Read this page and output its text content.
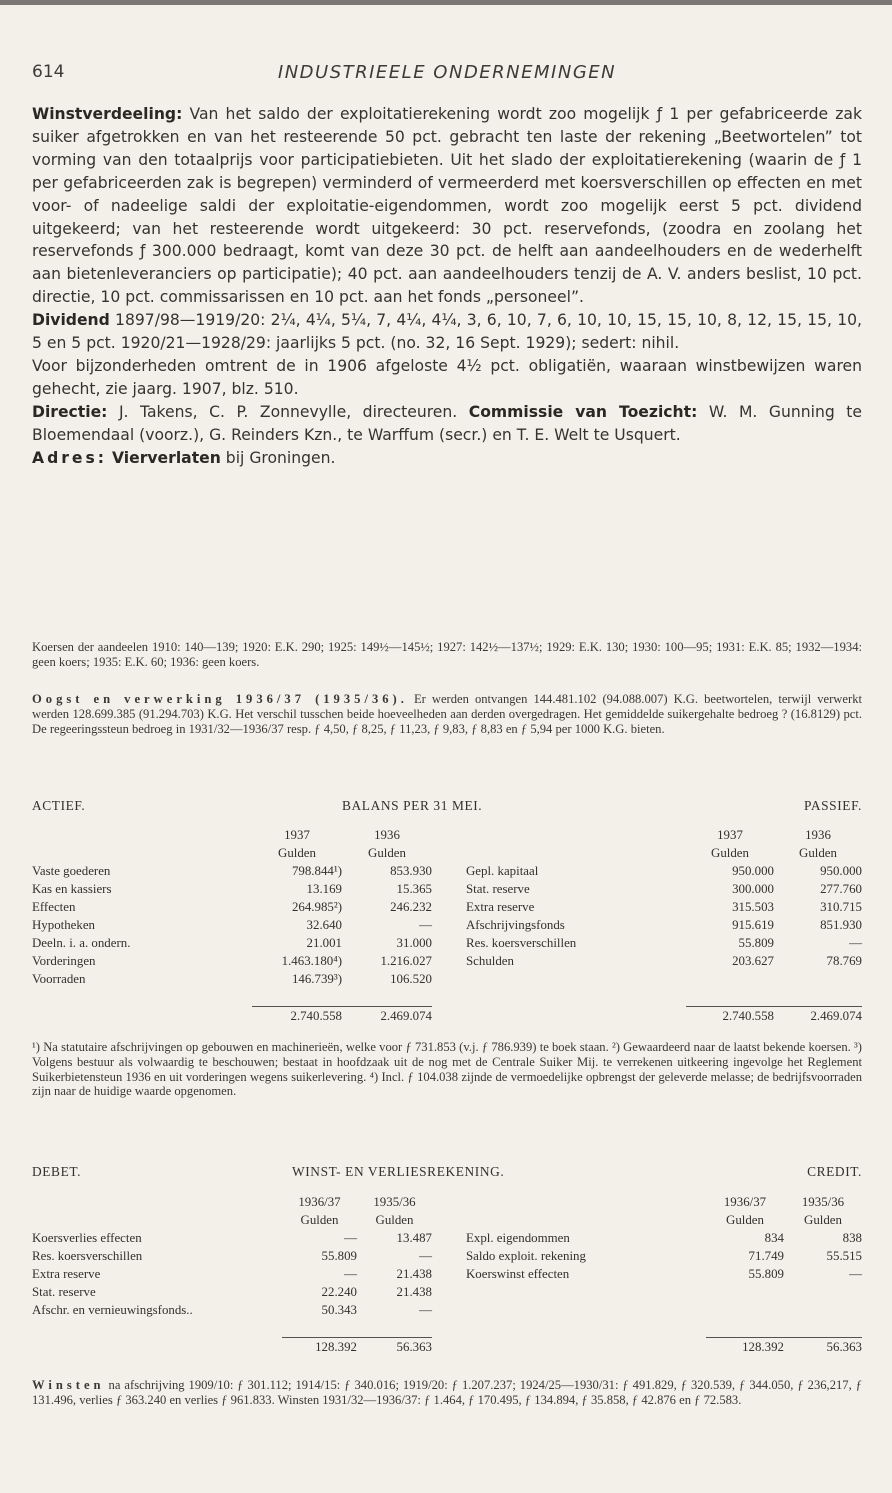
614	INDUSTRIEELE ONDERNEMINGEN

Winstverdeeling: Van het saldo der exploitatierekening wordt zoo mogelijk ƒ 1 per gefabriceerde zak suiker afgetrokken en van het resteerende 50 pct. gebracht ten laste der rekening „Beetwortelen” tot vorming van den totaalprijs voor participatiebieten. Uit het slado der exploitatierekening (waarin de ƒ 1 per gefabriceerden zak is begrepen) verminderd of vermeerderd met koersverschillen op effecten en met voor- of nadeelige saldi der exploitatie-eigendommen, wordt zoo mogelijk eerst 5 pct. dividend uitgekeerd; van het resteerende wordt uitgekeerd: 30 pct. reservefonds, (zoodra en zoolang het reservefonds ƒ 300.000 bedraagt, komt van deze 30 pct. de helft aan aandeelhouders en de wederhelft aan bietenleveranciers op participatie); 40 pct. aan aandeelhouders tenzij de A. V. anders beslist, 10 pct. directie, 10 pct. commissarissen en 10 pct. aan het fonds „personeel”.

Dividend 1897/98—1919/20: 2¼, 4¼, 5¼, 7, 4¼, 4¼, 3, 6, 10, 7, 6, 10, 10, 15, 15, 10, 8, 12, 15, 15, 10, 5 en 5 pct. 1920/21—1928/29: jaarlijks 5 pct. (no. 32, 16 Sept. 1929); sedert: nihil.

Voor bijzonderheden omtrent de in 1906 afgeloste 4½ pct. obligatiën, waaraan winstbewijzen waren gehecht, zie jaarg. 1907, blz. 510.

Directie: J. Takens, C. P. Zonnevylle, directeuren. Commissie van Toezicht: W. M. Gunning te Bloemendaal (voorz.), G. Reinders Kzn., te Warffum (secr.) en T. E. Welt te Usquert.

Adres: Vierverlaten bij Groningen.

Koersen der aandeelen 1910: 140—139; 1920: E.K. 290; 1925: 149½—145½; 1927: 142½—137½; 1929: E.K. 130; 1930: 100—95; 1931: E.K. 85; 1932—1934: geen koers; 1935: E.K. 60; 1936: geen koers.

Oogst en verwerking 1936/37 (1935/36). Er werden ontvangen 144.481.102 (94.088.007) K.G. beetwortelen, terwijl verwerkt werden 128.699.385 (91.294.703) K.G. Het verschil tusschen beide hoeveelheden aan derden overgedragen. Het gemiddelde suikergehalte bedroeg ? (16.8129) pct. De regeeringssteun bedroeg in 1931/32—1936/37 resp. ƒ 4,50, ƒ 8,25, ƒ 11,23, ƒ 9,83, ƒ 8,83 en ƒ 5,94 per 1000 K.G. bieten.

ACTIEF.	BALANS PER 31 MEI.	PASSIEF.
	1937	1936
	Gulden	Gulden
Vaste goederen	798.844¹)	853.930
Kas en kassiers	13.169	15.365
Effecten	264.985²)	246.232
Hypotheken	32.640	—
Deeln. i. a. ondern.	21.001	31.000
Vorderingen	1.463.180⁴)	1.216.027
Voorraden	146.739³)	106.520

	2.740.558	2.469.074
	1937	1936
	Gulden	Gulden
Gepl. kapitaal	950.000	950.000
Stat. reserve	300.000	277.760
Extra reserve	315.503	310.715
Afschrijvingsfonds	915.619	851.930
Res. koersverschillen	55.809	—
Schulden	203.627	78.769

	2.740.558	2.469.074

¹) Na statutaire afschrijvingen op gebouwen en machinerieën, welke voor ƒ 731.853 (v.j. ƒ 786.939) te boek staan. ²) Gewaardeerd naar de laatst bekende koersen. ³) Volgens bestuur als volwaardig te beschouwen; bestaat in hoofdzaak uit de nog met de Centrale Suiker Mij. te verrekenen uitkeering ingevolge het Reglement Suikerbietensteun 1936 en uit vorderingen wegens suikerlevering. ⁴) Incl. ƒ 104.038 zijnde de vermoedelijke opbrengst der geleverde melasse; de bedrijfsvoorraden zijn naar de huidige waarde opgenomen.

DEBET.	WINST- EN VERLIESREKENING.	CREDIT.
	1936/37	1935/36
	Gulden	Gulden
Koersverlies effecten	—	13.487
Res. koersverschillen	55.809	—
Extra reserve	—	21.438
Stat. reserve	22.240	21.438
Afschr. en vernieuwingsfonds..	50.343	—

	128.392	56.363
	1936/37	1935/36
	Gulden	Gulden
Expl. eigendommen	834	838
Saldo exploit. rekening	71.749	55.515
Koerswinst effecten	55.809	—

	128.392	56.363

Winsten na afschrijving 1909/10: ƒ 301.112; 1914/15: ƒ 340.016; 1919/20: ƒ 1.207.237; 1924/25—1930/31: ƒ 491.829, ƒ 320.539, ƒ 344.050, ƒ 236,217, ƒ 131.496, verlies ƒ 363.240 en verlies ƒ 961.833. Winsten 1931/32—1936/37: ƒ 1.464, ƒ 170.495, ƒ 134.894, ƒ 35.858, ƒ 42.876 en ƒ 72.583.
